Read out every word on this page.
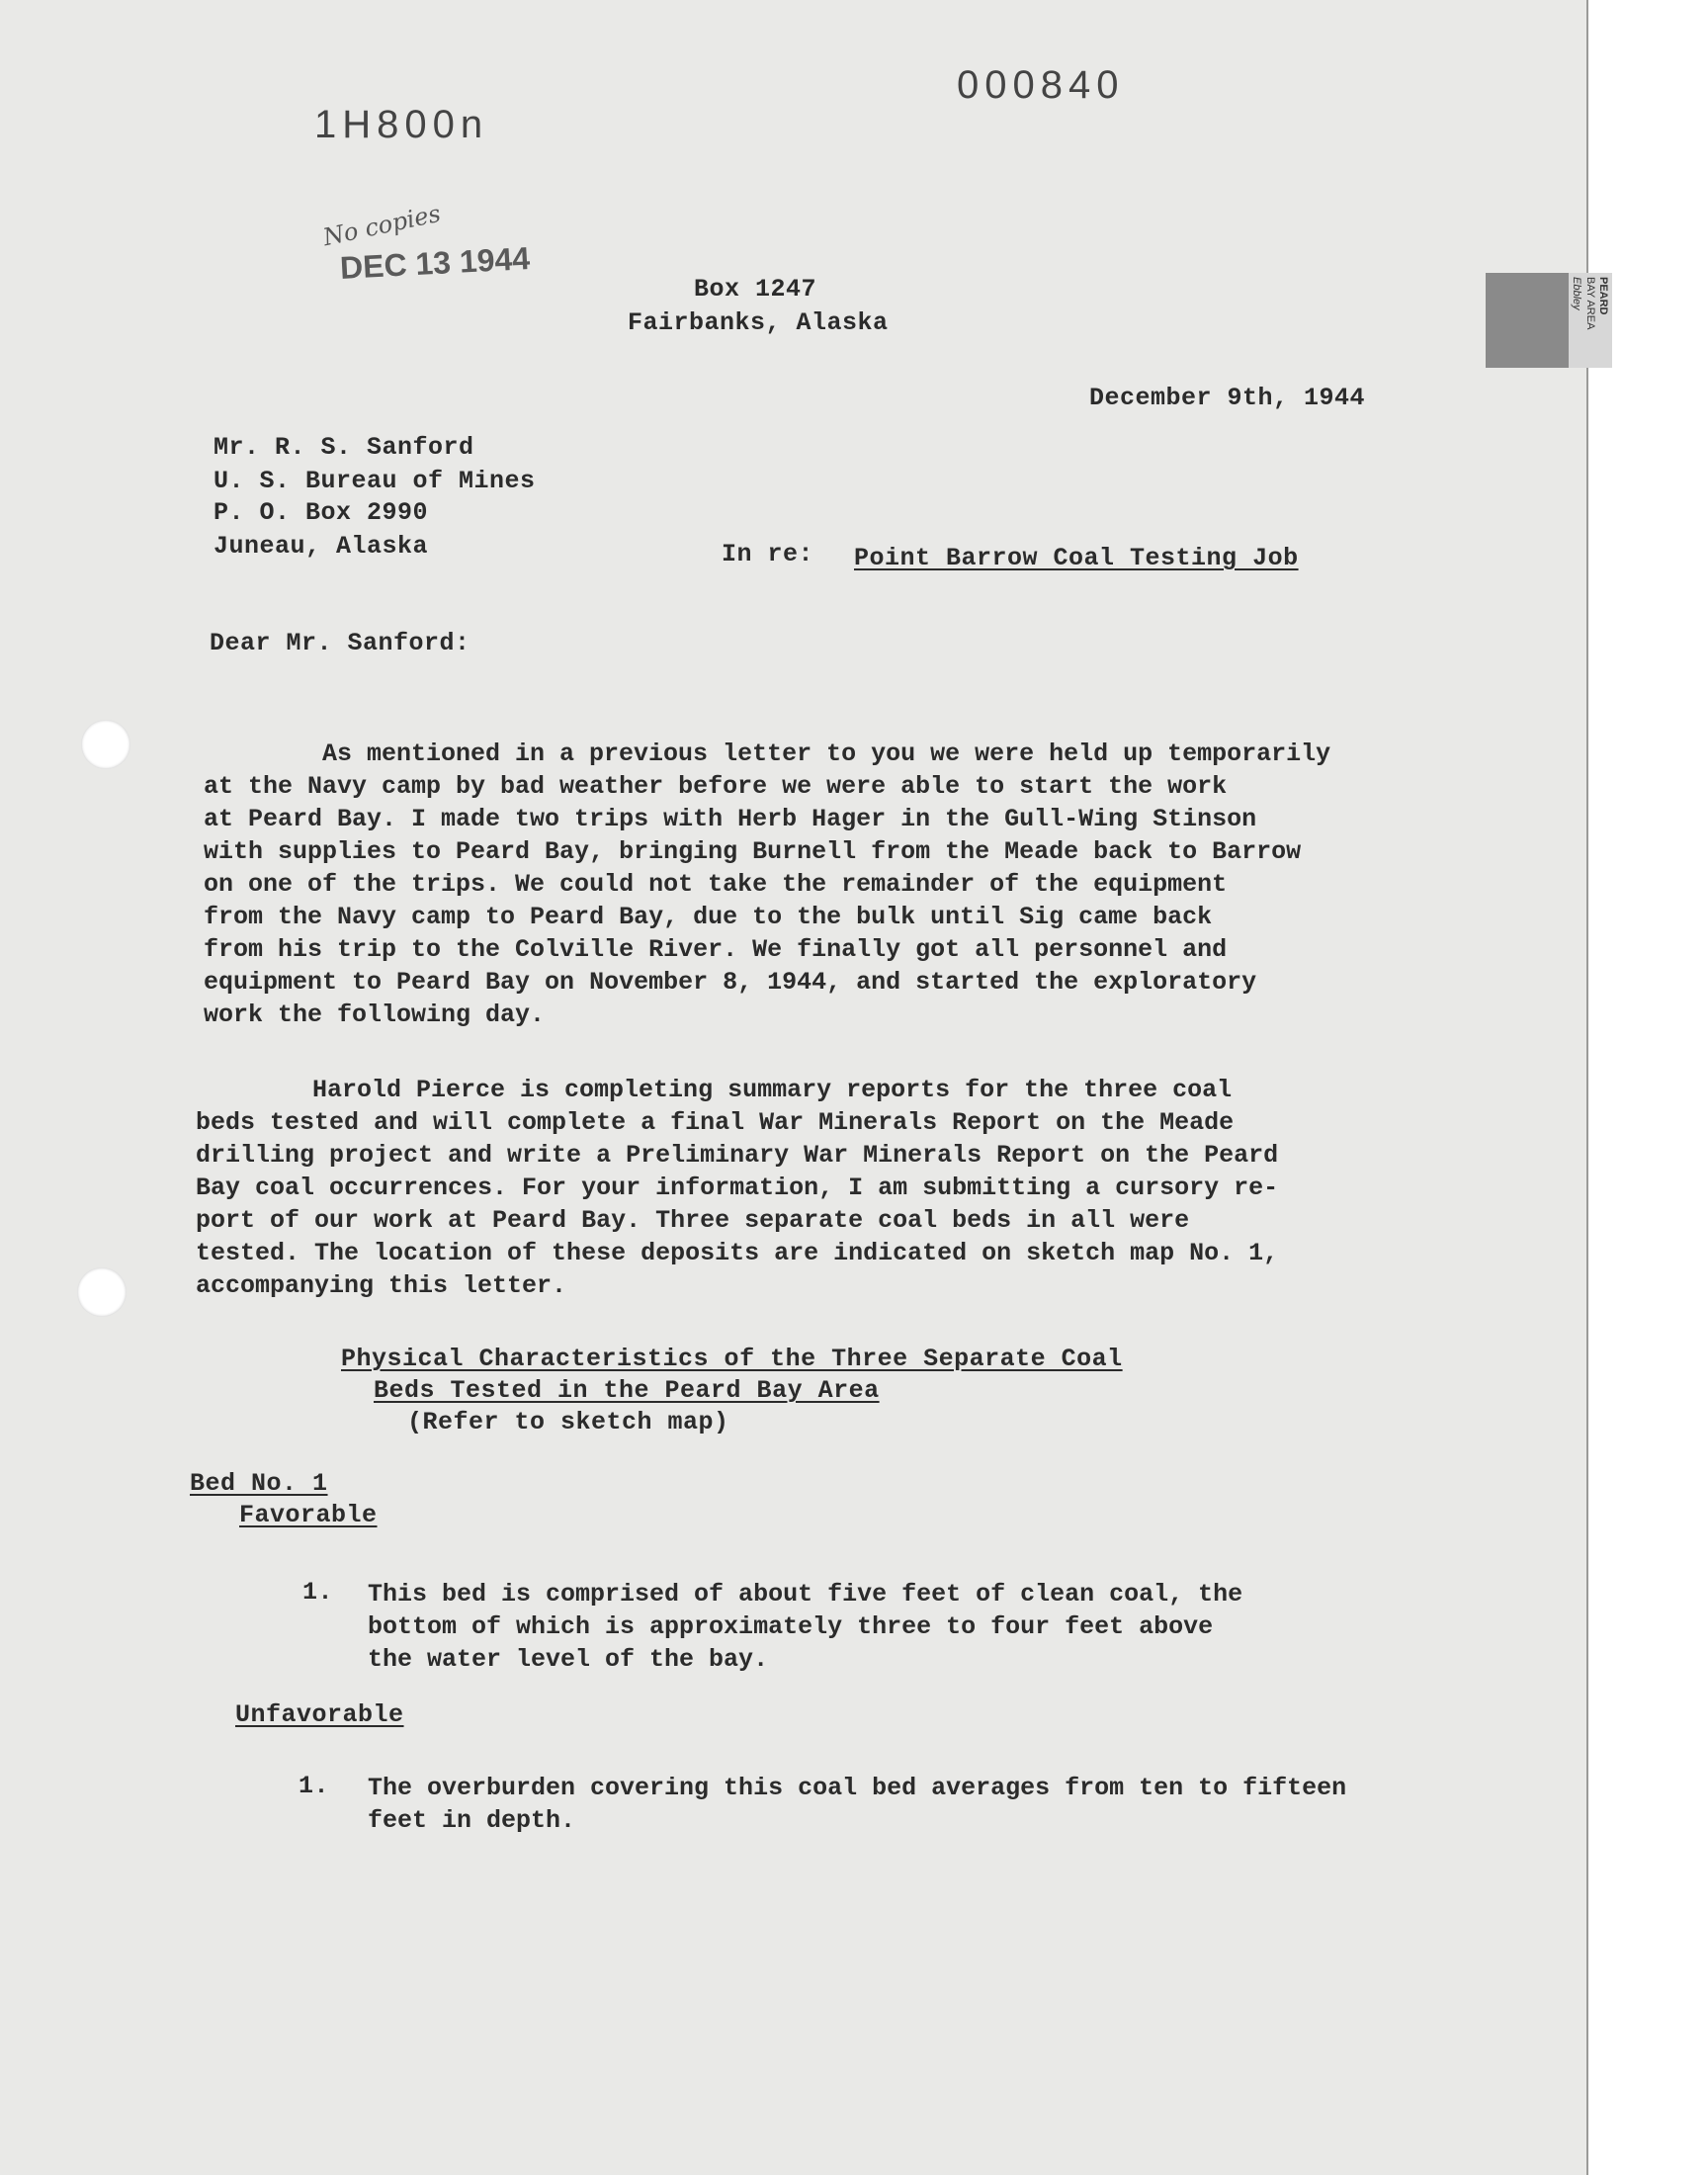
1H800n
000840
No copies
DEC 13 1944
Box 1247
Fairbanks, Alaska
December 9th, 1944
Mr. R. S. Sanford
U. S. Bureau of Mines
P. O. Box 2990
Juneau, Alaska	In re: Point Barrow Coal Testing Job
Dear Mr. Sanford:
As mentioned in a previous letter to you we were held up temporarily
at the Navy camp by bad weather before we were able to start the work
at Peard Bay. I made two trips with Herb Hager in the Gull-Wing Stinson
with supplies to Peard Bay, bringing Burnell from the Meade back to Barrow
on one of the trips. We could not take the remainder of the equipment
from the Navy camp to Peard Bay, due to the bulk until Sig came back
from his trip to the Colville River. We finally got all personnel and
equipment to Peard Bay on November 8, 1944, and started the exploratory
work the following day.
Harold Pierce is completing summary reports for the three coal
beds tested and will complete a final War Minerals Report on the Meade
drilling project and write a Preliminary War Minerals Report on the Peard
Bay coal occurrences. For your information, I am submitting a cursory re-
port of our work at Peard Bay. Three separate coal beds in all were
tested. The location of these deposits are indicated on sketch map No. 1,
accompanying this letter.
Physical Characteristics of the Three Separate Coal
Beds Tested in the Peard Bay Area
(Refer to sketch map)
Bed No. 1
Favorable
1. This bed is comprised of about five feet of clean coal, the
bottom of which is approximately three to four feet above
the water level of the bay.
Unfavorable
1. The overburden covering this coal bed averages from ten to fifteen
feet in depth.
PEARD
BAY AREA
Ebbley
